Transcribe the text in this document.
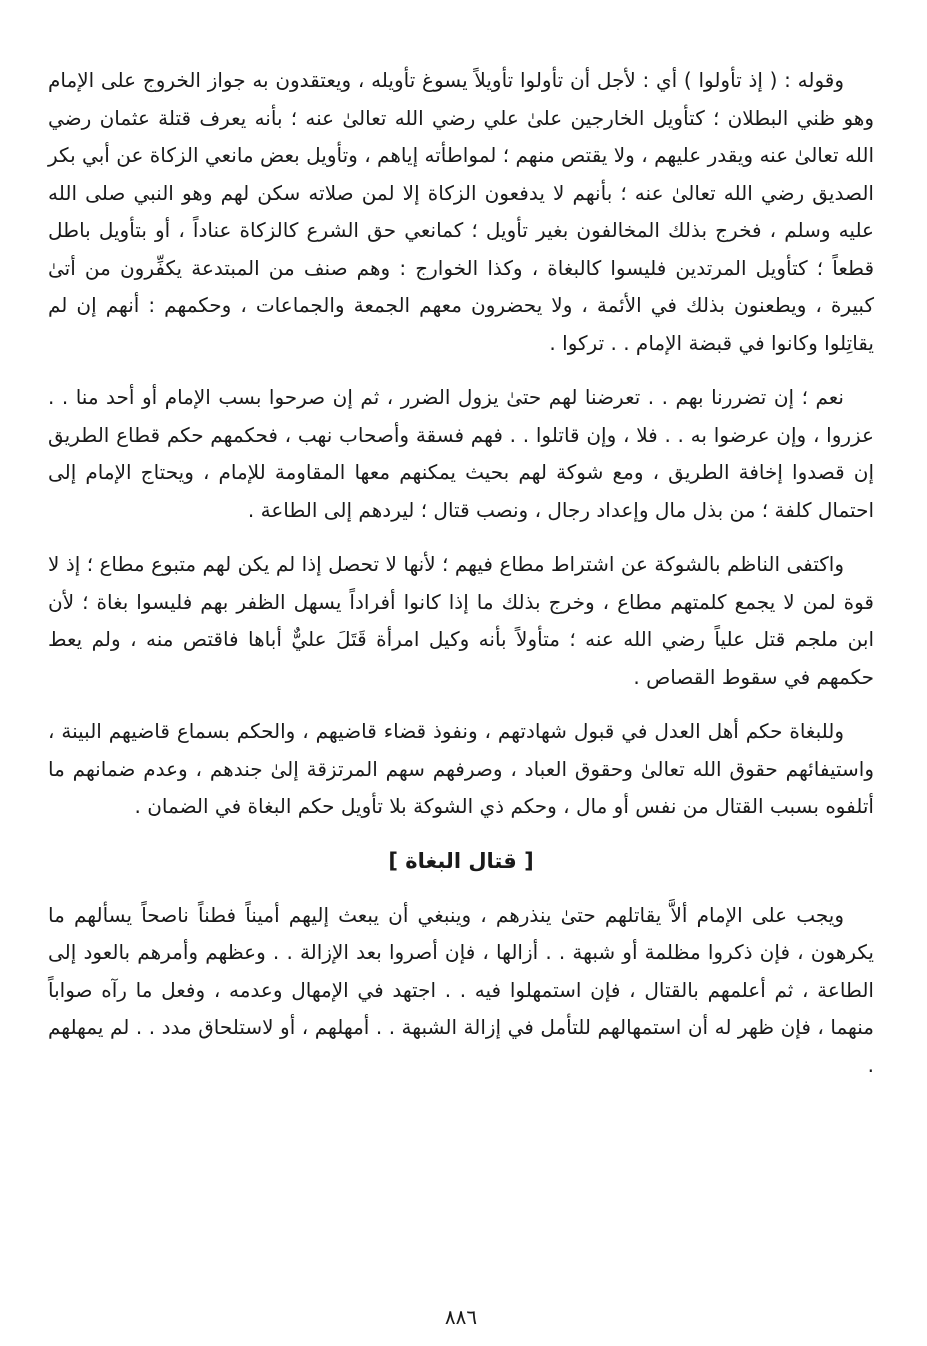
وقوله : ( إذ تأولوا ) أي : لأجل أن تأولوا تأويلاً يسوغ تأويله ، ويعتقدون به جواز الخروج على الإمام وهو ظني البطلان ؛ كتأويل الخارجين علىٰ علي رضي الله تعالىٰ عنه ؛ بأنه يعرف قتلة عثمان رضي الله تعالىٰ عنه ويقدر عليهم ، ولا يقتص منهم ؛ لمواطأته إياهم ، وتأويل بعض مانعي الزكاة عن أبي بكر الصديق رضي الله تعالىٰ عنه ؛ بأنهم لا يدفعون الزكاة إلا لمن صلاته سكن لهم وهو النبي صلى الله عليه وسلم ، فخرج بذلك المخالفون بغير تأويل ؛ كمانعي حق الشرع كالزكاة عناداً ، أو بتأويل باطل قطعاً ؛ كتأويل المرتدين فليسوا كالبغاة ، وكذا الخوارج : وهم صنف من المبتدعة يكفِّرون من أتىٰ كبيرة ، ويطعنون بذلك في الأئمة ، ولا يحضرون معهم الجمعة والجماعات ، وحكمهم : أنهم إن لم يقاتِلوا وكانوا في قبضة الإمام . . تركوا .

نعم ؛ إن تضررنا بهم . . تعرضنا لهم حتىٰ يزول الضرر ، ثم إن صرحوا بسب الإمام أو أحد منا . . عزروا ، وإن عرضوا به . . فلا ، وإن قاتلوا . . فهم فسقة وأصحاب نهب ، فحكمهم حكم قطاع الطريق إن قصدوا إخافة الطريق ، ومع شوكة لهم بحيث يمكنهم معها المقاومة للإمام ، ويحتاج الإمام إلى احتمال كلفة ؛ من بذل مال وإعداد رجال ، ونصب قتال ؛ ليردهم إلى الطاعة .

واكتفى الناظم بالشوكة عن اشتراط مطاع فيهم ؛ لأنها لا تحصل إذا لم يكن لهم متبوع مطاع ؛ إذ لا قوة لمن لا يجمع كلمتهم مطاع ، وخرج بذلك ما إذا كانوا أفراداً يسهل الظفر بهم فليسوا بغاة ؛ لأن ابن ملجم قتل علياً رضي الله عنه ؛ متأولاً بأنه وكيل امرأة قَتَلَ عليٌّ أباها فاقتص منه ، ولم يعط حكمهم في سقوط القصاص .

وللبغاة حكم أهل العدل في قبول شهادتهم ، ونفوذ قضاء قاضيهم ، والحكم بسماع قاضيهم البينة ، واستيفائهم حقوق الله تعالىٰ وحقوق العباد ، وصرفهم سهم المرتزقة إلىٰ جندهم ، وعدم ضمانهم ما أتلفوه بسبب القتال من نفس أو مال ، وحكم ذي الشوكة بلا تأويل حكم البغاة في الضمان .

[ قتال البغاة ]

ويجب على الإمام ألاَّ يقاتلهم حتىٰ ينذرهم ، وينبغي أن يبعث إليهم أميناً فطناً ناصحاً يسألهم ما يكرهون ، فإن ذكروا مظلمة أو شبهة . . أزالها ، فإن أصروا بعد الإزالة . . وعظهم وأمرهم بالعود إلى الطاعة ، ثم أعلمهم بالقتال ، فإن استمهلوا فيه . . اجتهد في الإمهال وعدمه ، وفعل ما رآه صواباً منهما ، فإن ظهر له أن استمهالهم للتأمل في إزالة الشبهة . . أمهلهم ، أو لاستلحاق مدد . . لم يمهلهم .

٨٨٦
